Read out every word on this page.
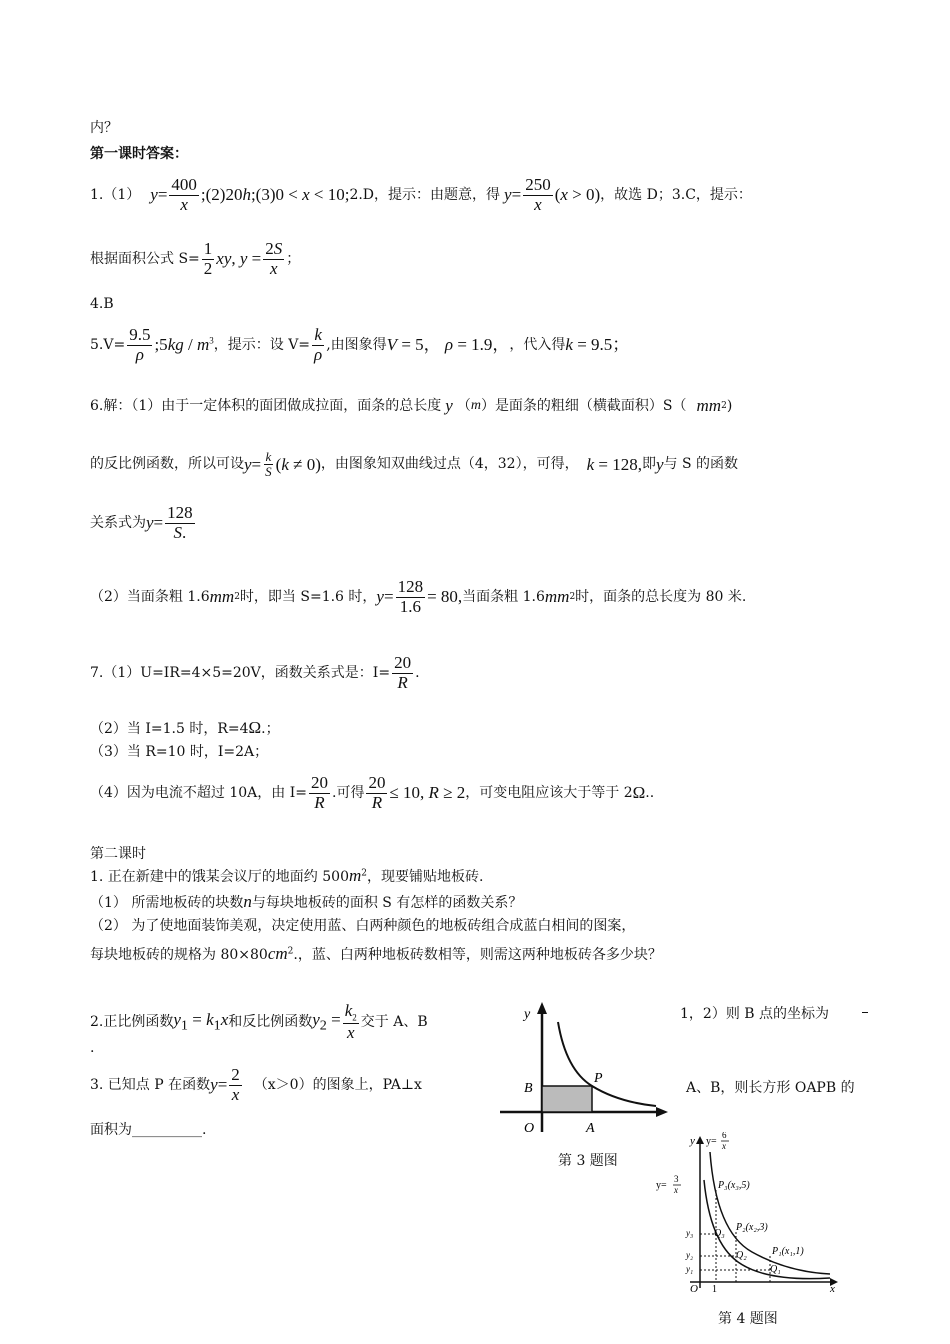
内？
第一课时答案：
1.（1） $y = \frac{400}{x}$ ;(2)20h;(3)0 < x < 10; 2.D，提示：由题意，得 $y = \frac{250}{x} (x > 0)$ ，故选 D；3.C，提示：
根据面积公式 $S= \frac{1}{2}$ xy, $y = \frac{2S}{x}$ ；
4.B
$5.V= \frac{9.5}{\rho}$ ;5kg / $m^3$ ，提示：设 $V= \frac{k}{\rho}$ ,由图象得 V = 5， ρ = 1.9， ，代入得 k = 9.5；
6.解：（1）由于一定体积的面团做成拉面，面条的总长度 y （ m ） 是面条的粗细（横截面积）S（ mm 2 )
的反比例函数，所以可设 $y = \frac{k}{S} (k \ne 0)$ ，由图象知双曲线过点（4，32），可得， k = 128, 即 y 与 S 的函数
关系式为 $y = \frac{128}{S.}$
（2）当面条粗 1.6 mm 2 时，即当 S=1.6 时， $y = \frac{128}{1.6} = 80$, 当面条粗 1.6 mm 2 时，面条的总长度为 80 米.
7.（1）U=IR=4×5=20V，函数关系式是：$I= \frac{20}{R}$ .
（2）当 I=1.5 时，R=4Ω.；
（3）当 R=10 时，I=2A；
（4）因为电流不超过 10A，由 $I= \frac{20}{R}$ . 可得 $\frac{20}{R} \le 10$, R ≥ 2 ，可变电阻应该大于等于 2 Ω ..
第二课时
1. 正在新建中的饿某会议厅的地面约 $500m^2$，现要铺贴地板砖.
（1） 所需地板砖的块数n与每块地板砖的面积 S 有怎样的函数关系？
（2） 为了使地面装饰美观，决定使用蓝、白两种颜色的地板砖组合成蓝白相间的图案，
每块地板砖的规格为 $80\times 80cm^2$.，蓝、白两种地板砖数相等，则需这两种地板砖各多少块？
2.正比例函数 $y_1 = k_1x$ 和反比例函数 $y_2 = \frac{k_2}{x}$ 交于 A、B
1，2）则 B 点的坐标为
.
3. 已知点 P 在函数 $y = \frac{2}{x} (x>0)$的图象上，PA⊥x	A、B，则长方形 OAPB 的
面积为__________.
y
B
P
O	A
第 3 题图
y y=
6
x
y=
3
x	P₃(x₃,5)
P₂(x₂,3)
P₁(x₁,1)
Q₃
Q₂
Q₁
y₃
y₂
y₁
O 1	x
第 4 题图
